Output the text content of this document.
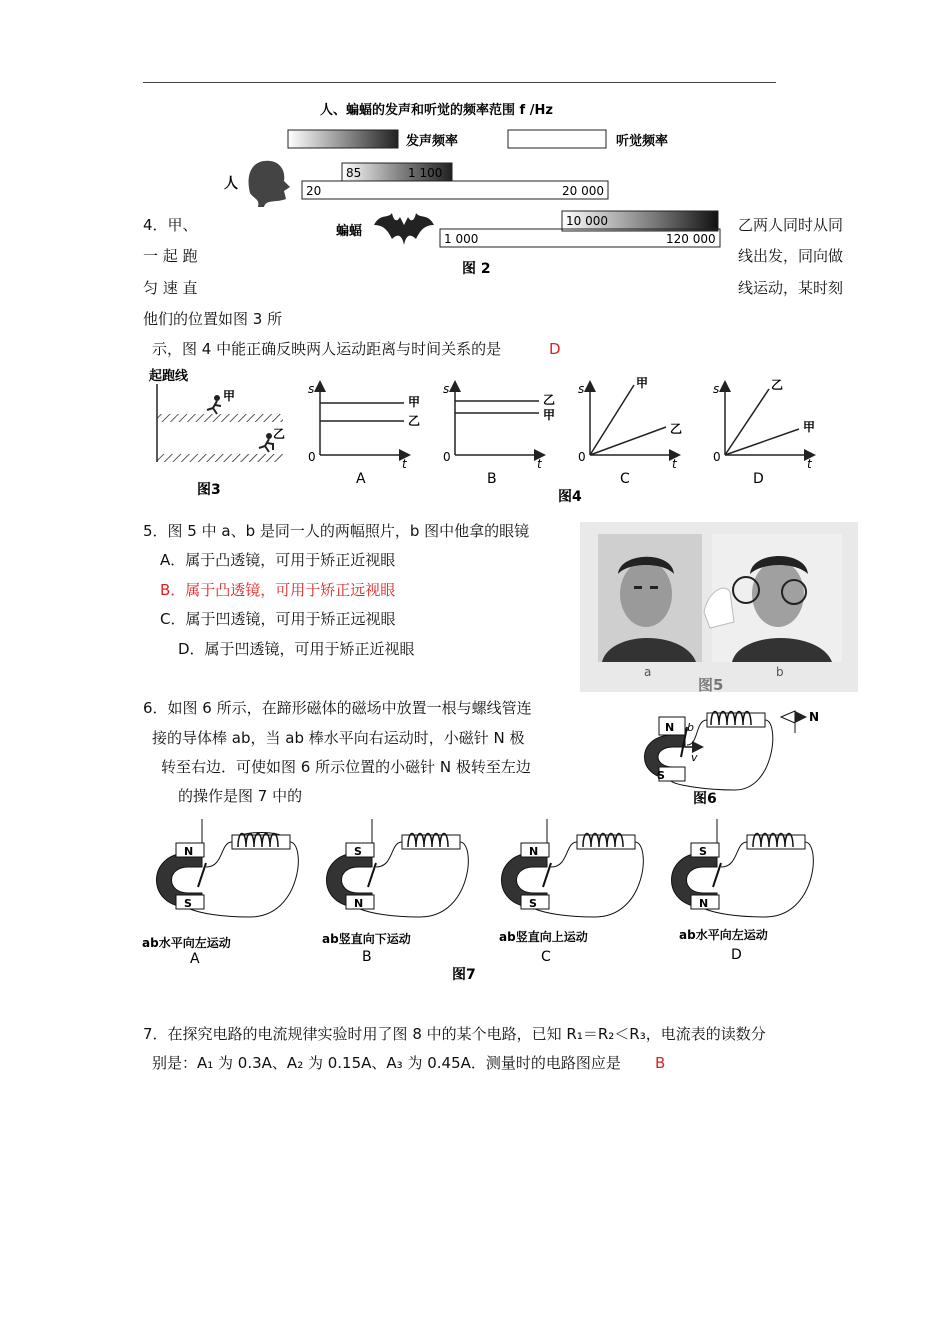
人、蝙蝠的发声和听觉的频率范围 f /Hz
发声频率	听觉频率
人
85	1 100
20	20 000
蝙蝠
10 000
1 000	120 000
图 2
4．甲、	乙两人同时从同
一 起 跑	线出发，同向做
匀 速 直	线运动，某时刻
他们的位置如图 3 所
示，图 4 中能正确反映两人运动距离与时间关系的是	D
起跑线
甲
乙
图3
s
t
0
甲
乙
A
s
t
0
乙
甲
B
s
t
0
甲
乙
C
s
t
0
乙
甲
D
图4
5．图 5 中 a、b 是同一人的两幅照片，b 图中他拿的眼镜
A．属于凸透镜，可用于矫正近视眼
B．属于凸透镜，可用于矫正远视眼
C．属于凹透镜，可用于矫正远视眼
D．属于凹透镜，可用于矫正近视眼
a	b
图5
6．如图 6 所示，在蹄形磁体的磁场中放置一根与螺线管连
接的导体棒 ab，当 ab 棒水平向右运动时，小磁针 N 极
转至右边．可使如图 6 所示位置的小磁针 N 极转至左边
的操作是图 7 中的
N
S
b
v
N
图6
N
S
ab水平向左运动
A
S
N
ab竖直向下运动
B
N
S
ab竖直向上运动
C
S
N
ab水平向左运动
D
图7
7．在探究电路的电流规律实验时用了图 8 中的某个电路，已知 R₁＝R₂＜R₃，电流表的读数分
别是：A₁ 为 0.3A、A₂ 为 0.15A、A₃ 为 0.45A．测量时的电路图应是 B
